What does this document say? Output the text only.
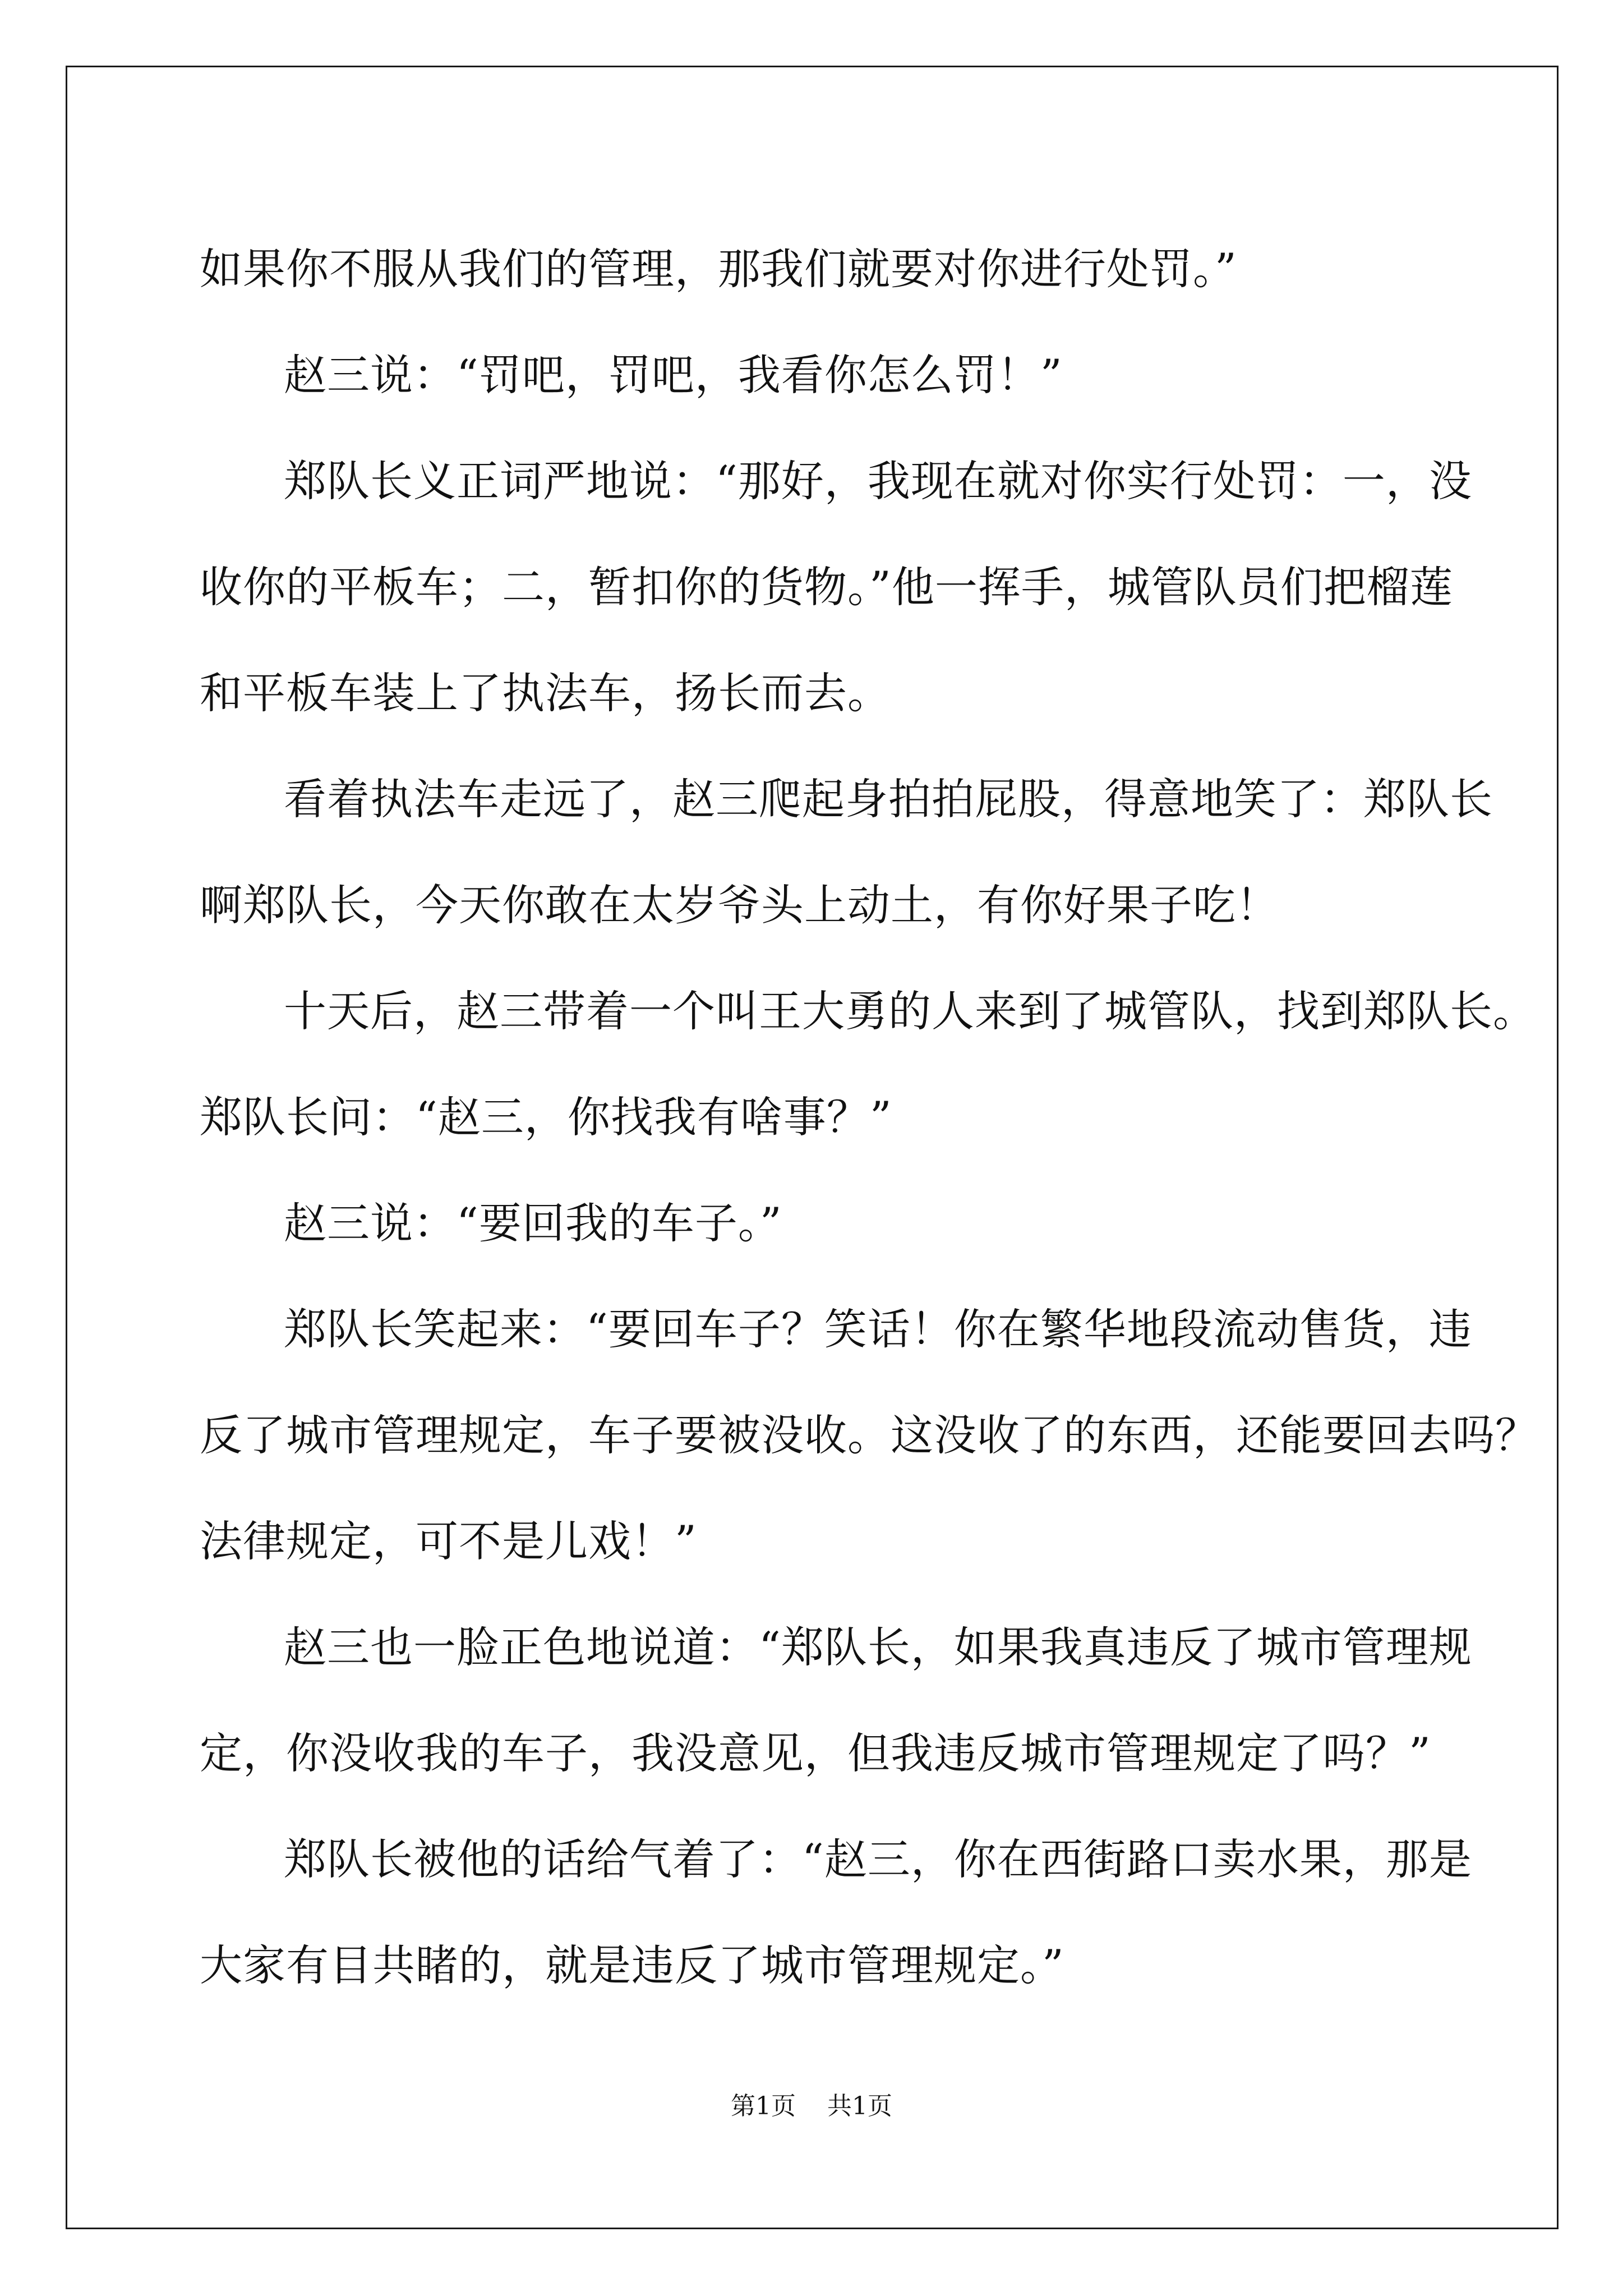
如果你不服从我们的管理，那我们就要对你进行处罚。”
赵三说：“罚吧，罚吧，我看你怎么罚！”
郑队长义正词严地说：“那好，我现在就对你实行处罚：一，没
收你的平板车；二，暂扣你的货物。”他一挥手，城管队员们把榴莲
和平板车装上了执法车，扬长而去。
看着执法车走远了，赵三爬起身拍拍屁股，得意地笑了：郑队长
啊郑队长，今天你敢在太岁爷头上动土，有你好果子吃！
十天后，赵三带着一个叫王大勇的人来到了城管队，找到郑队长。
郑队长问：“赵三，你找我有啥事？”
赵三说：“要回我的车子。”
郑队长笑起来：“要回车子？笑话！你在繁华地段流动售货，违
反了城市管理规定，车子要被没收。这没收了的东西，还能要回去吗？
法律规定，可不是儿戏！”
赵三也一脸正色地说道：“郑队长，如果我真违反了城市管理规
定，你没收我的车子，我没意见，但我违反城市管理规定了吗？”
郑队长被他的话给气着了：“赵三，你在西街路口卖水果，那是
大家有目共睹的，就是违反了城市管理规定。”
第1页 共1页
